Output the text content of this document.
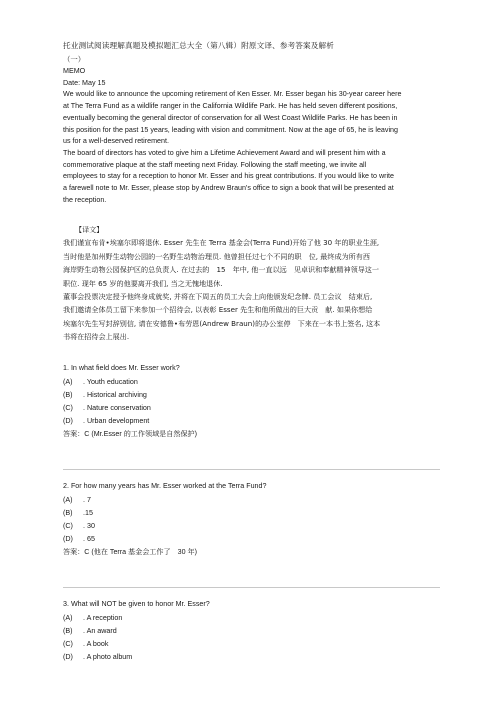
托业测试阅读理解真题及模拟题汇总大全（第八辑）附原文译、参考答案及解析
（一）
MEMO
Date: May 15
We would like to announce the upcoming retirement of Ken Esser. Mr. Esser began his 30-year career here
at The Terra Fund as a wildlife ranger in the California Wildlife Park. He has held seven different positions,
eventually becoming the general director of conservation for all West Coast Wildlife Parks. He has been in
this position for the past 15 years, leading with vision and commitment. Now at the age of 65, he is leaving
us for a well-deserved retirement.
The board of directors has voted to give him a Lifetime Achievement Award and will present him with a
commemorative plaque at the staff meeting next Friday. Following the staff meeting, we invite all
employees to stay for a reception to honor Mr. Esser and his great contributions. If you would like to write
a farewell note to Mr. Esser, please stop by Andrew Braun's office to sign a book that will be presented at
the reception.
【译文】
我们谨宣布肯•埃塞尔即将退休. Esser 先生在 Terra 基金会(Terra Fund)开始了他 30 年的职业生涯,
当时他是加州野生动物公园的一名野生动物治理员. 他曾担任过七个不同的职　位, 最终成为所有西
海岸野生动物公园保护区的总负责人. 在过去的　15　年中, 他一直以远　见卓识和奉献精神领导这一
职位. 现年 65 岁的他要离开我们, 当之无愧地退休.
董事会投票决定授予他终身成就奖, 并将在下周五的员工大会上向他颁发纪念牌. 员工会议　结束后,
我们邀请全体员工留下来参加一个招待会, 以表彰 Esser 先生和他所做出的巨大贡　献. 如果你想给
埃塞尔先生写封辞别信, 请在安德鲁•布劳恩(Andrew Braun)的办公室停　下来在一本书上签名, 这本
书将在招待会上展出.
1. In what field does Mr. Esser work?
(A) . Youth education
(B) . Historical archiving
(C) . Nature conservation
(D) . Urban development
答案：C (Mr.Esser 的工作领域是自然保护)
2. For how many years has Mr. Esser worked at the Terra Fund?
(A) . 7
(B) .15
(C) . 30
(D) . 65
答案：C (他在 Terra 基金会工作了　30 年)
3. What will NOT be given to honor Mr. Esser?
(A) . A reception
(B) . An award
(C) . A book
(D) . A photo album
